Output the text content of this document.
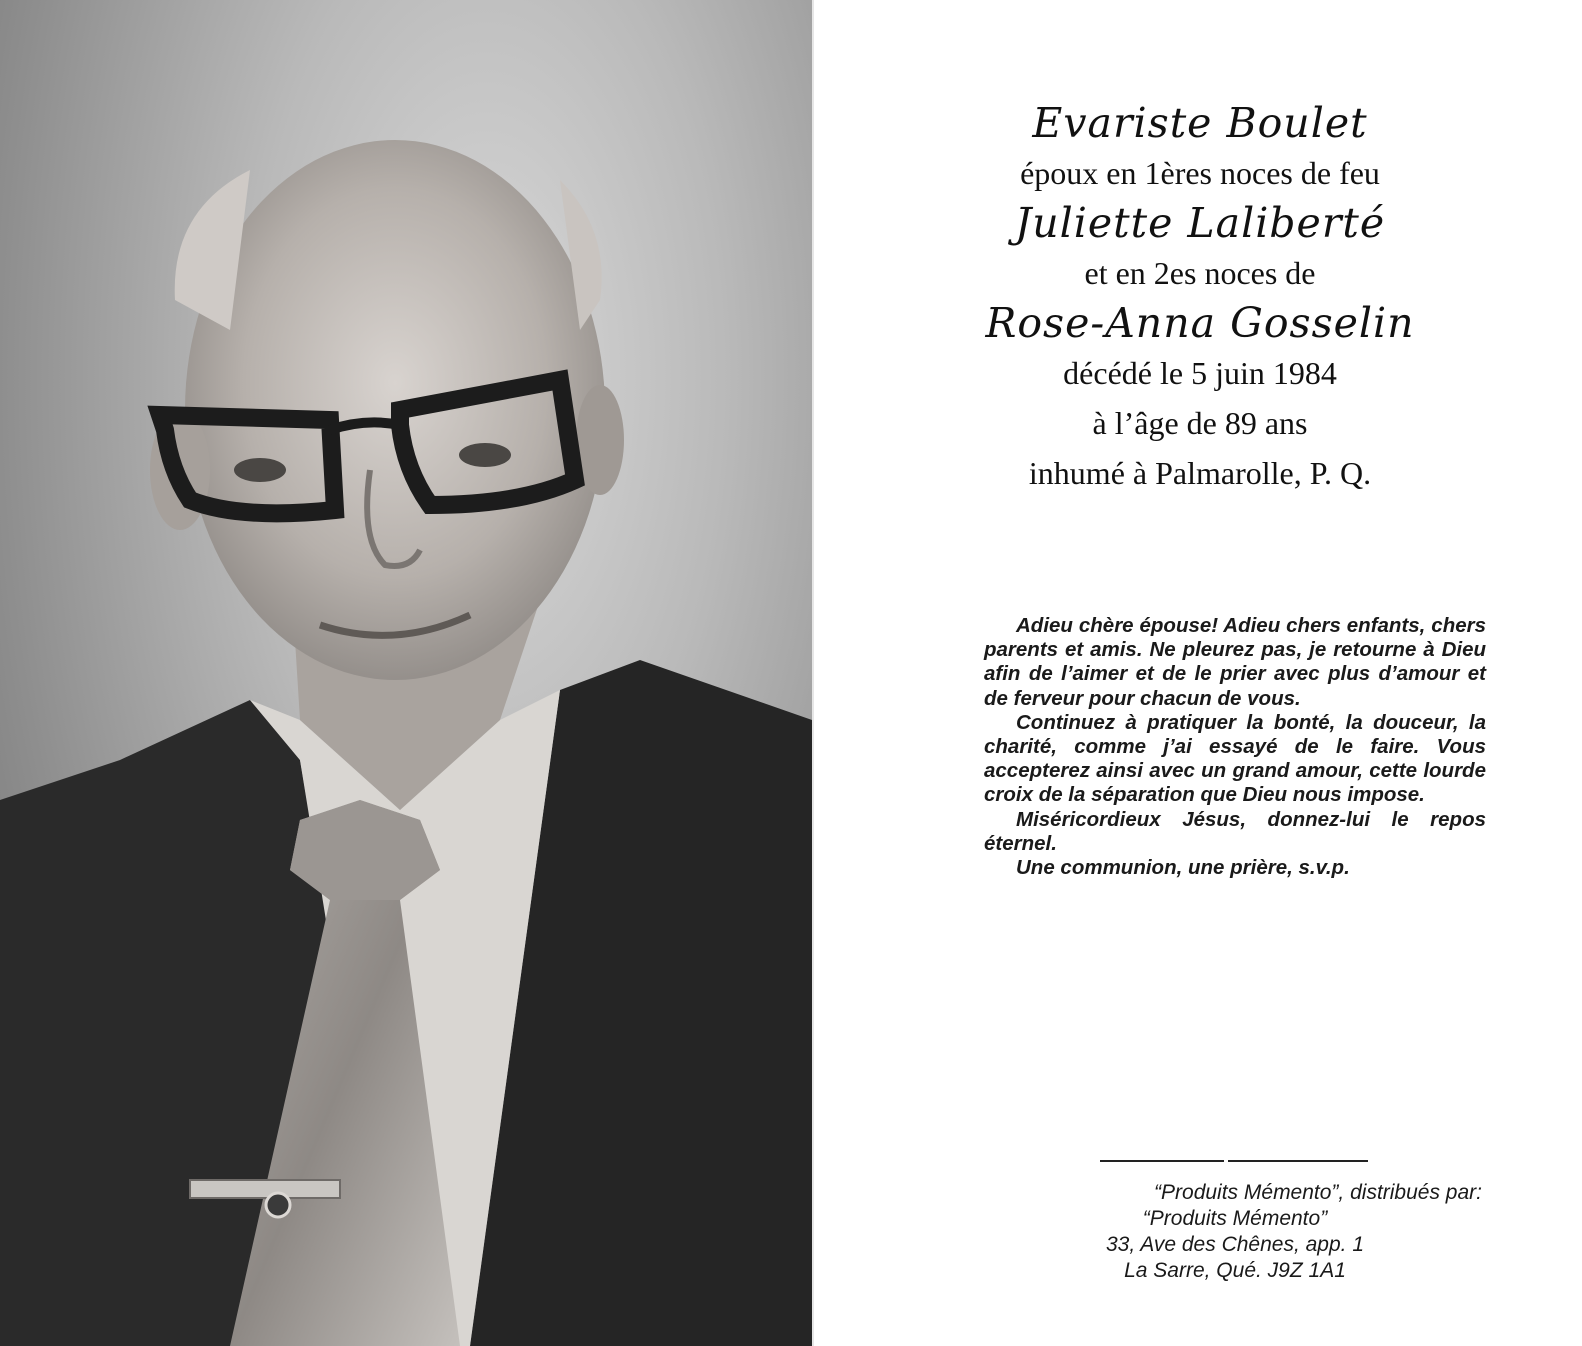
Evariste Boulet
époux en 1ères noces de feu
Juliette Laliberté
et en 2es noces de
Rose-Anna Gosselin
décédé le 5 juin 1984
à l’âge de 89 ans
inhumé à Palmarolle, P. Q.

Adieu chère épouse! Adieu chers enfants, chers parents et amis. Ne pleurez pas, je retourne à Dieu afin de l’aimer et de le prier avec plus d’amour et de ferveur pour chacun de vous.

Continuez à pratiquer la bonté, la douceur, la charité, comme j’ai essayé de le faire. Vous accepterez ainsi avec un grand amour, cette lourde croix de la séparation que Dieu nous impose.

Miséricordieux Jésus, donnez-lui le repos éternel.

Une communion, une prière, s.v.p.

“Produits Mémento”, distribués par:
“Produits Mémento”
33, Ave des Chênes, app. 1
La Sarre, Qué. J9Z 1A1
